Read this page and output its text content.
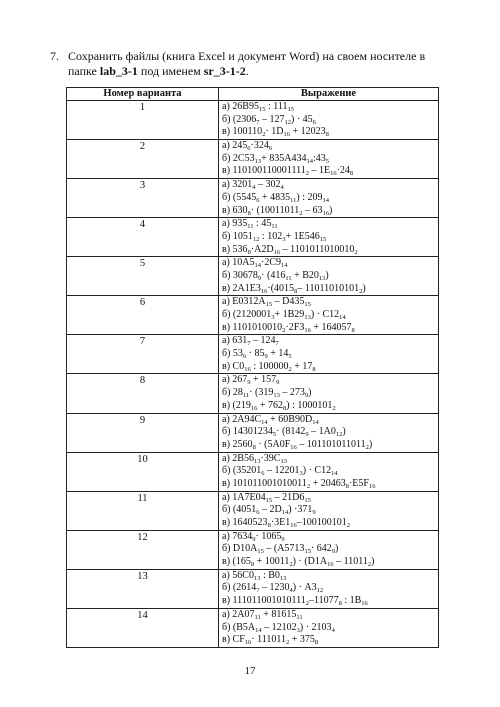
7. Сохранить файлы (книга Excel и документ Word) на своем носителе в папке lab_3-1 под именем sr_3-1-2.
Номер варианта	Выражение
1	а) $26B95_{15}$ : $111_{15}$
б) $(2306_7 - 127_{12}) \cdot 45_6$
в) $100110_2\cdot 1D_{16} + 12023_8$

2	а) $245_6\cdot 324_6$
б) $2C53_{13}+$ $835A434_{14}:43_5$
в) $110100110001111_2 - 1E_{16}\cdot 24_8$

3	а) $3201_4 - 302_4$
б) $(5545_6 + 4835_{11})$ : $209_{14}$
в) $630_8\cdot (10011011_2 - 63_{16})$

4	а) $935_{11}$ : $45_{11}$
б) $1051_{12}$ : $102_3+ 1E546_{15}$
в) $536_8\cdot A2D_{16} - 1101011010010_2$

5	а) $10A5_{14}\cdot 2C9_{14}$
б) $30678_9\cdot (416_{11} + B20_{13})$
в) $2A1E3_{16}\cdot(4015_8-$ $11011010101_2$)

6	а) $E0312A_{15} - D435_{15}$
б) $(2120001_3+ 1B29_{13}) \cdot C12_{14}$
в) $1101010010_2\cdot 2F3_{16} + 164057_8$

7	а) $631_7 - 124_7$
б) $53_6 \cdot 85_9 + 14_5$
в) $C0_{16}$ : $100000_2 + 17_8$

8	а) $267_9 + 157_9$
б) $28_{11}\cdot (319_{13} - 273_9)$
в) $(219_{16} + 762_8)$ : $1000101_2$

9	а) $2A94C_{14} + 60B90D_{14}$
б) $14301234_5\cdot (8142_9 - 1A0_{12})$
в) $2560_8 \cdot (5A0F_{16} - 101101011011_2)$

10	а) $2B56_{13}\cdot 39C_{13}$
б) $(35201_6 - 12201_3) \cdot C12_{14}$
в) $101011001010011_2 + 20463_8\cdot E5F_{16}$

11	а) $1A7E04_{15} - 21D6_{15}$
б) $(4051_6 - 2D_{14}) \cdot 371_9$
в) $1640523_8\cdot 3E1_{16}-100100101_2$

12	а) $7634_9\cdot 1065_9$
б) $D10A_{15} - (A5713_{15}\cdot 642_9)$
в) $(165_8 + 10011_2) \cdot (D1A_{16} - 11011_2)$

13	а) $56C0_{13}$ : $B0_{13}$
б) $(2614_7 - 1230_4) \cdot A3_{12}$
в) $111011001010111_2-11077_8$ : $1B_{16}$

14	а) $2A07_{11} + 81615_{11}$
б) $(B5A_{14} - 12102_3) \cdot 2103_4$
в) $CF_{16}\cdot 111011_2 + 375_8$
17
